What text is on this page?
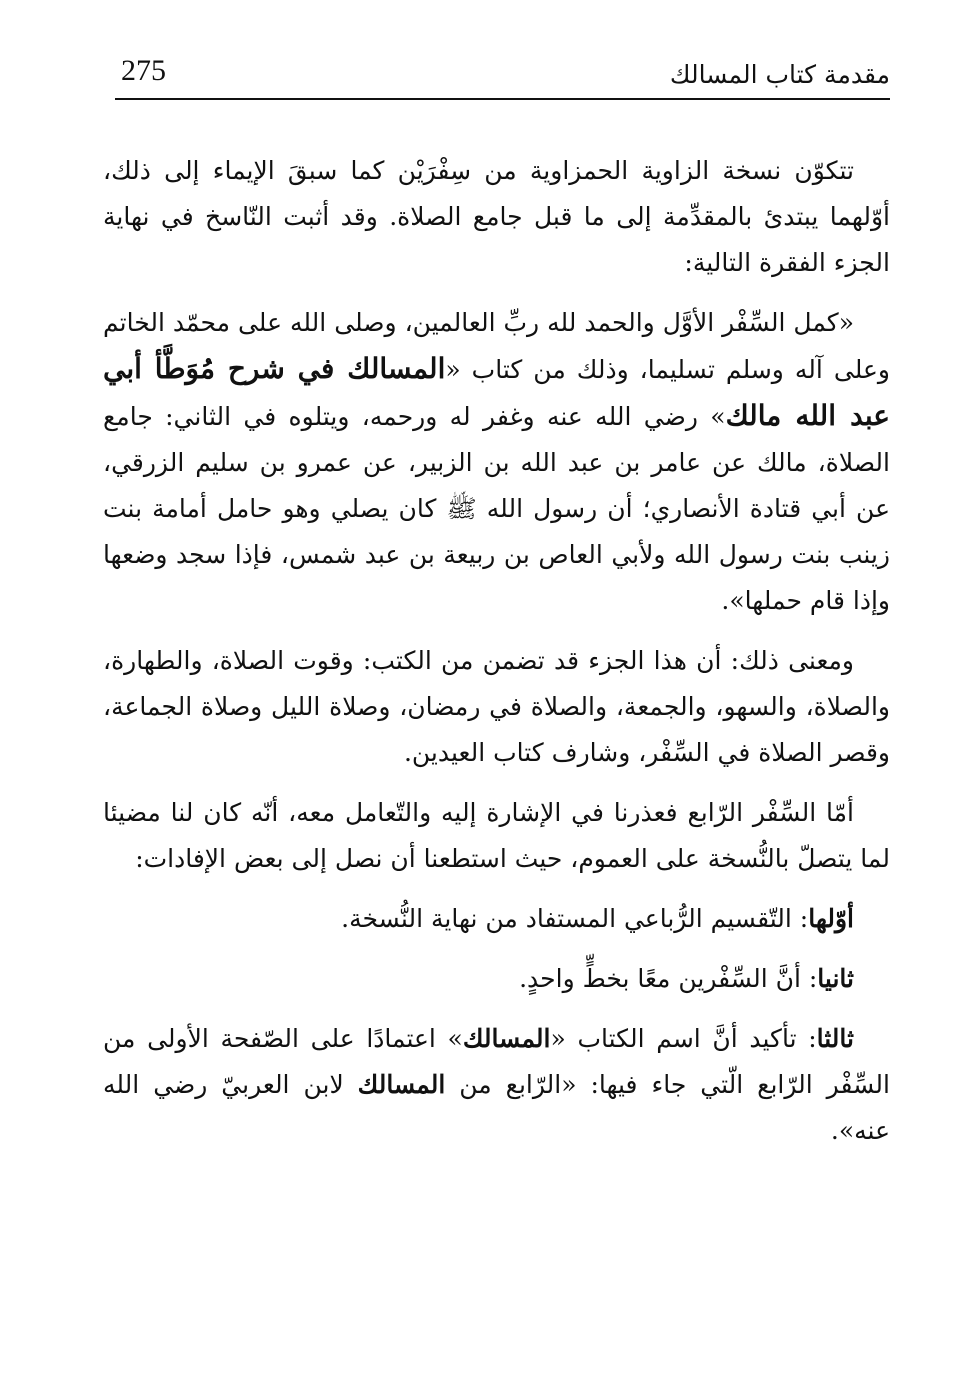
275	مقدمة كتاب المسالك

تتكوّن نسخة الزاوية الحمزاوية من سِفْرَيْن كما سبقَ الإيماء إلى ذلك، أوّلهما يبتدئ بالمقدِّمة إلى ما قبل جامع الصلاة. وقد أثبت النّاسخ في نهاية الجزء الفقرة التالية:

«كمل السِّفْر الأوَّل والحمد لله ربِّ العالمين، وصلى الله على محمّد الخاتم وعلى آله وسلم تسليما، وذلك من كتاب «المسالك في شرح مُوَطَّأ أبي عبد الله مالك» رضي الله عنه وغفر له ورحمه، ويتلوه في الثاني: جامع الصلاة، مالك عن عامر بن عبد الله بن الزبير، عن عمرو بن سليم الزرقي، عن أبي قتادة الأنصاري؛ أن رسول الله ﷺ كان يصلي وهو حامل أمامة بنت زينب بنت رسول الله ولأبي العاص بن ربيعة بن عبد شمس، فإذا سجد وضعها وإذا قام حملها».

ومعنى ذلك: أن هذا الجزء قد تضمن من الكتب: وقوت الصلاة، والطهارة، والصلاة، والسهو، والجمعة، والصلاة في رمضان، وصلاة الليل وصلاة الجماعة، وقصر الصلاة في السِّفْر، وشارف كتاب العيدين.

أمّا السِّفْر الرّابع فعذرنا في الإشارة إليه والتّعامل معه، أنّه كان لنا مضيئا لما يتصلّ بالنُّسخة على العموم، حيث استطعنا أن نصل إلى بعض الإفادات:

أوّلها: التّقسيم الرُّباعي المستفاد من نهاية النُّسخة.

ثانيا: أنَّ السِّفْرين معًا بخطٍّ واحدٍ.

ثالثا: تأكيد أنَّ اسم الكتاب «المسالك» اعتمادًا على الصّفحة الأولى من السِّفْر الرّابع الّتي جاء فيها: «الرّابع من المسالك لابن العربيّ رضي الله عنه».
